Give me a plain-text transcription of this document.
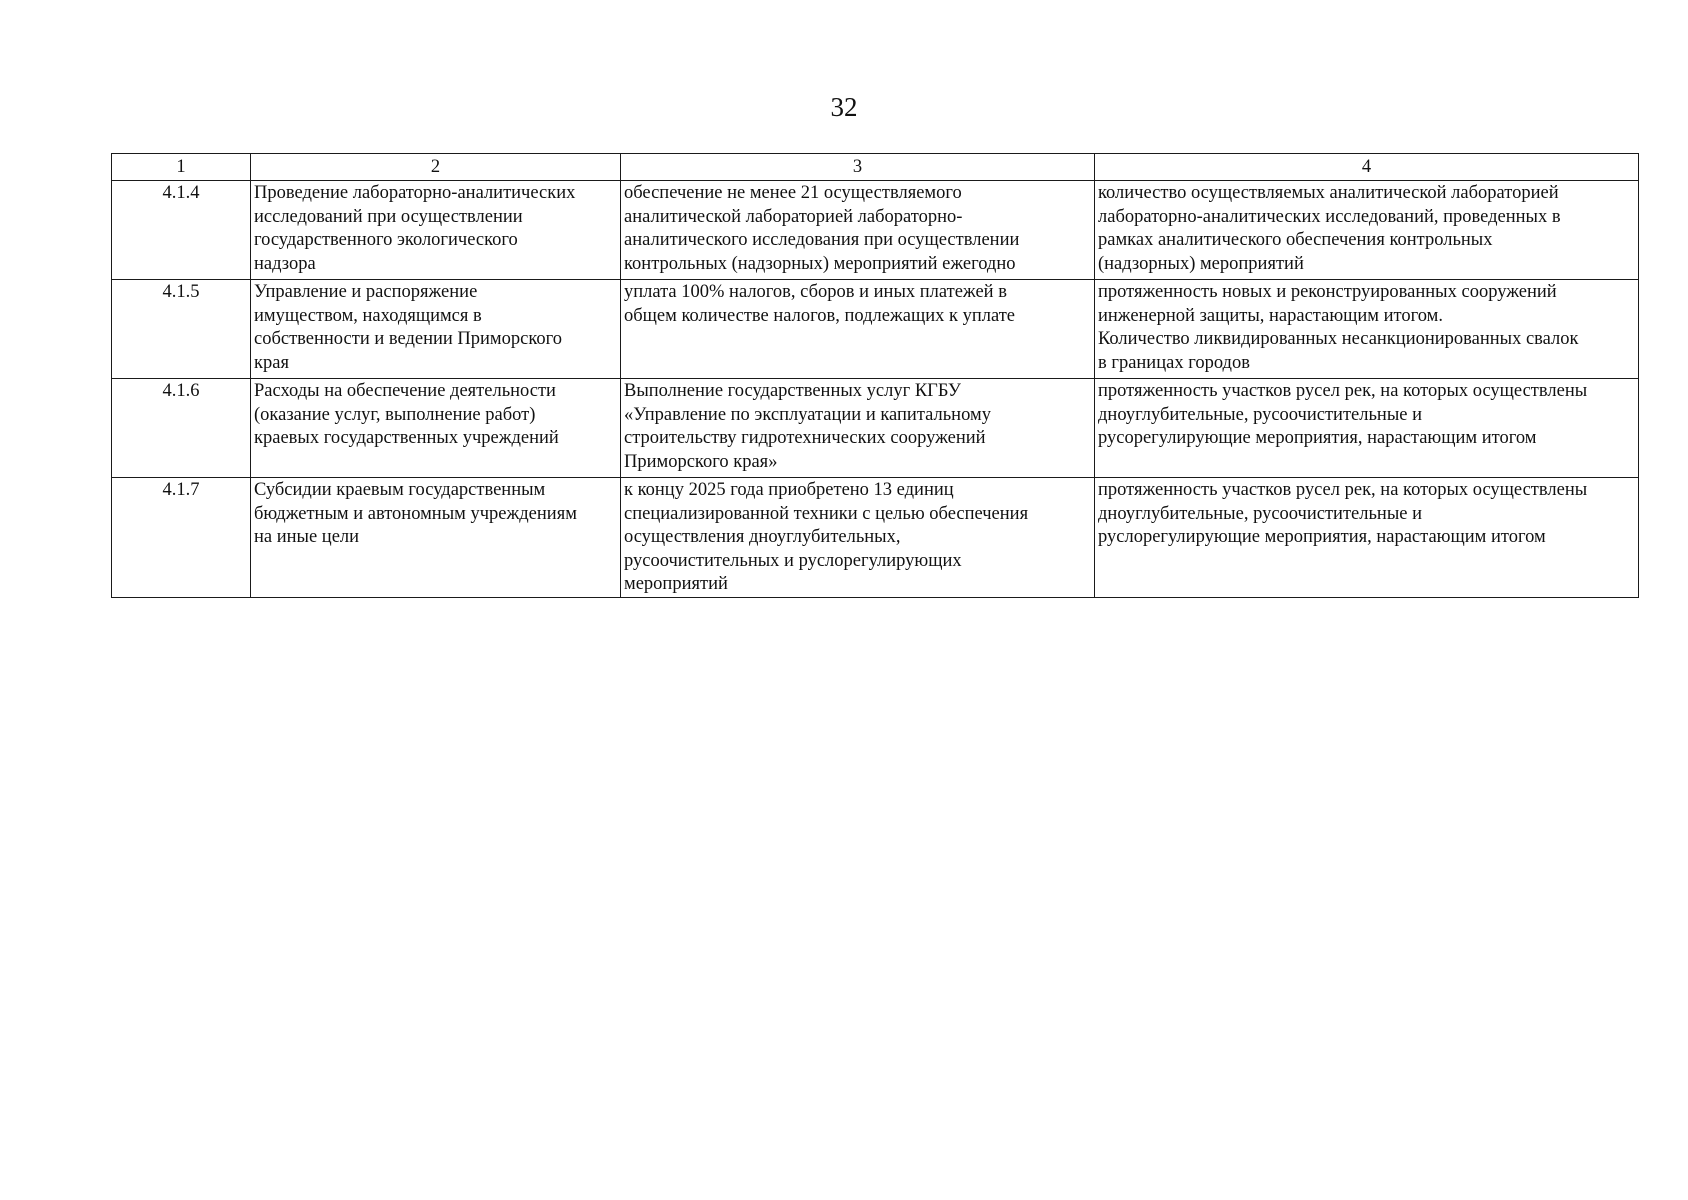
32
1	2	3	4
4.1.4	Проведение лабораторно-аналитических
исследований при осуществлении
государственного экологического
надзора	обеспечение не менее 21 осуществляемого
аналитической лабораторией лабораторно-
аналитического исследования при осуществлении
контрольных (надзорных) мероприятий ежегодно	количество осуществляемых аналитической лабораторией
лабораторно-аналитических исследований, проведенных в
рамках аналитического обеспечения контрольных
(надзорных) мероприятий
4.1.5	Управление и распоряжение
имуществом, находящимся в
собственности и ведении Приморского
края	уплата 100% налогов, сборов и иных платежей в
общем количестве налогов, подлежащих к уплате	протяженность новых и реконструированных сооружений
инженерной защиты, нарастающим итогом.
Количество ликвидированных несанкционированных свалок
в границах городов
4.1.6	Расходы на обеспечение деятельности
(оказание услуг, выполнение работ)
краевых государственных учреждений	Выполнение государственных услуг КГБУ
«Управление по эксплуатации и капитальному
строительству гидротехнических сооружений
Приморского края»	протяженность участков русел рек, на которых осуществлены
дноуглубительные, русоочистительные и
русoрегулирующие мероприятия, нарастающим итогом
4.1.7	Субсидии краевым государственным
бюджетным и автономным учреждениям
на иные цели	к концу 2025 года приобретено 13 единиц
специализированной техники с целью обеспечения
осуществления дноуглубительных,
русоочистительных и руслорегулирующих
мероприятий	протяженность участков русел рек, на которых осуществлены
дноуглубительные, русоочистительные и
руслорегулирующие мероприятия, нарастающим итогом
